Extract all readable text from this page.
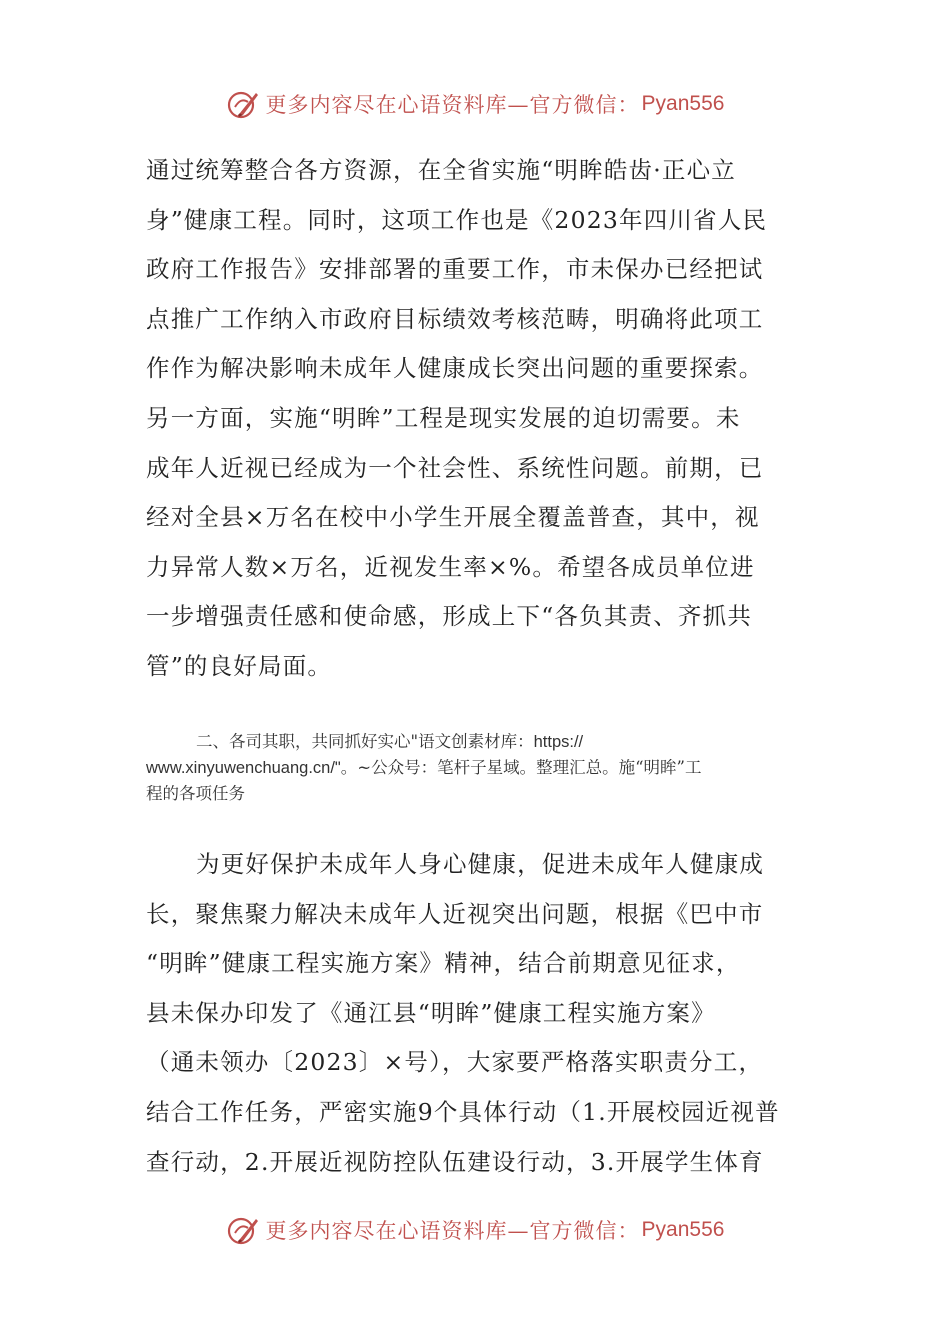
更多内容尽在心语资料库—官方微信： Pyan556
通过统筹整合各方资源，在全省实施“明眸皓齿·正心立
身”健康工程。同时，这项工作也是《2023年四川省人民
政府工作报告》安排部署的重要工作，市未保办已经把试
点推广工作纳入市政府目标绩效考核范畴，明确将此项工
作作为解决影响未成年人健康成长突出问题的重要探索。
另一方面，实施“明眸”工程是现实发展的迫切需要。未
成年人近视已经成为一个社会性、系统性问题。前期，已
经对全县×万名在校中小学生开展全覆盖普查，其中，视
力异常人数×万名，近视发生率×%。希望各成员单位进
一步增强责任感和使命感，形成上下“各负其责、齐抓共
管”的良好局面。
二、各司其职，共同抓好实心"语文创素材库：https://
www.xinyuwenchuang.cn/"。~公众号：笔杆子星域。整理汇总。施“明眸”工
程的各项任务
为更好保护未成年人身心健康，促进未成年人健康成
长，聚焦聚力解决未成年人近视突出问题，根据《巴中市
“明眸”健康工程实施方案》精神，结合前期意见征求，
县未保办印发了《通江县“明眸”健康工程实施方案》
（通未领办〔2023〕×号），大家要严格落实职责分工，
结合工作任务，严密实施9个具体行动（1.开展校园近视普
查行动，2.开展近视防控队伍建设行动，3.开展学生体育
更多内容尽在心语资料库—官方微信： Pyan556
